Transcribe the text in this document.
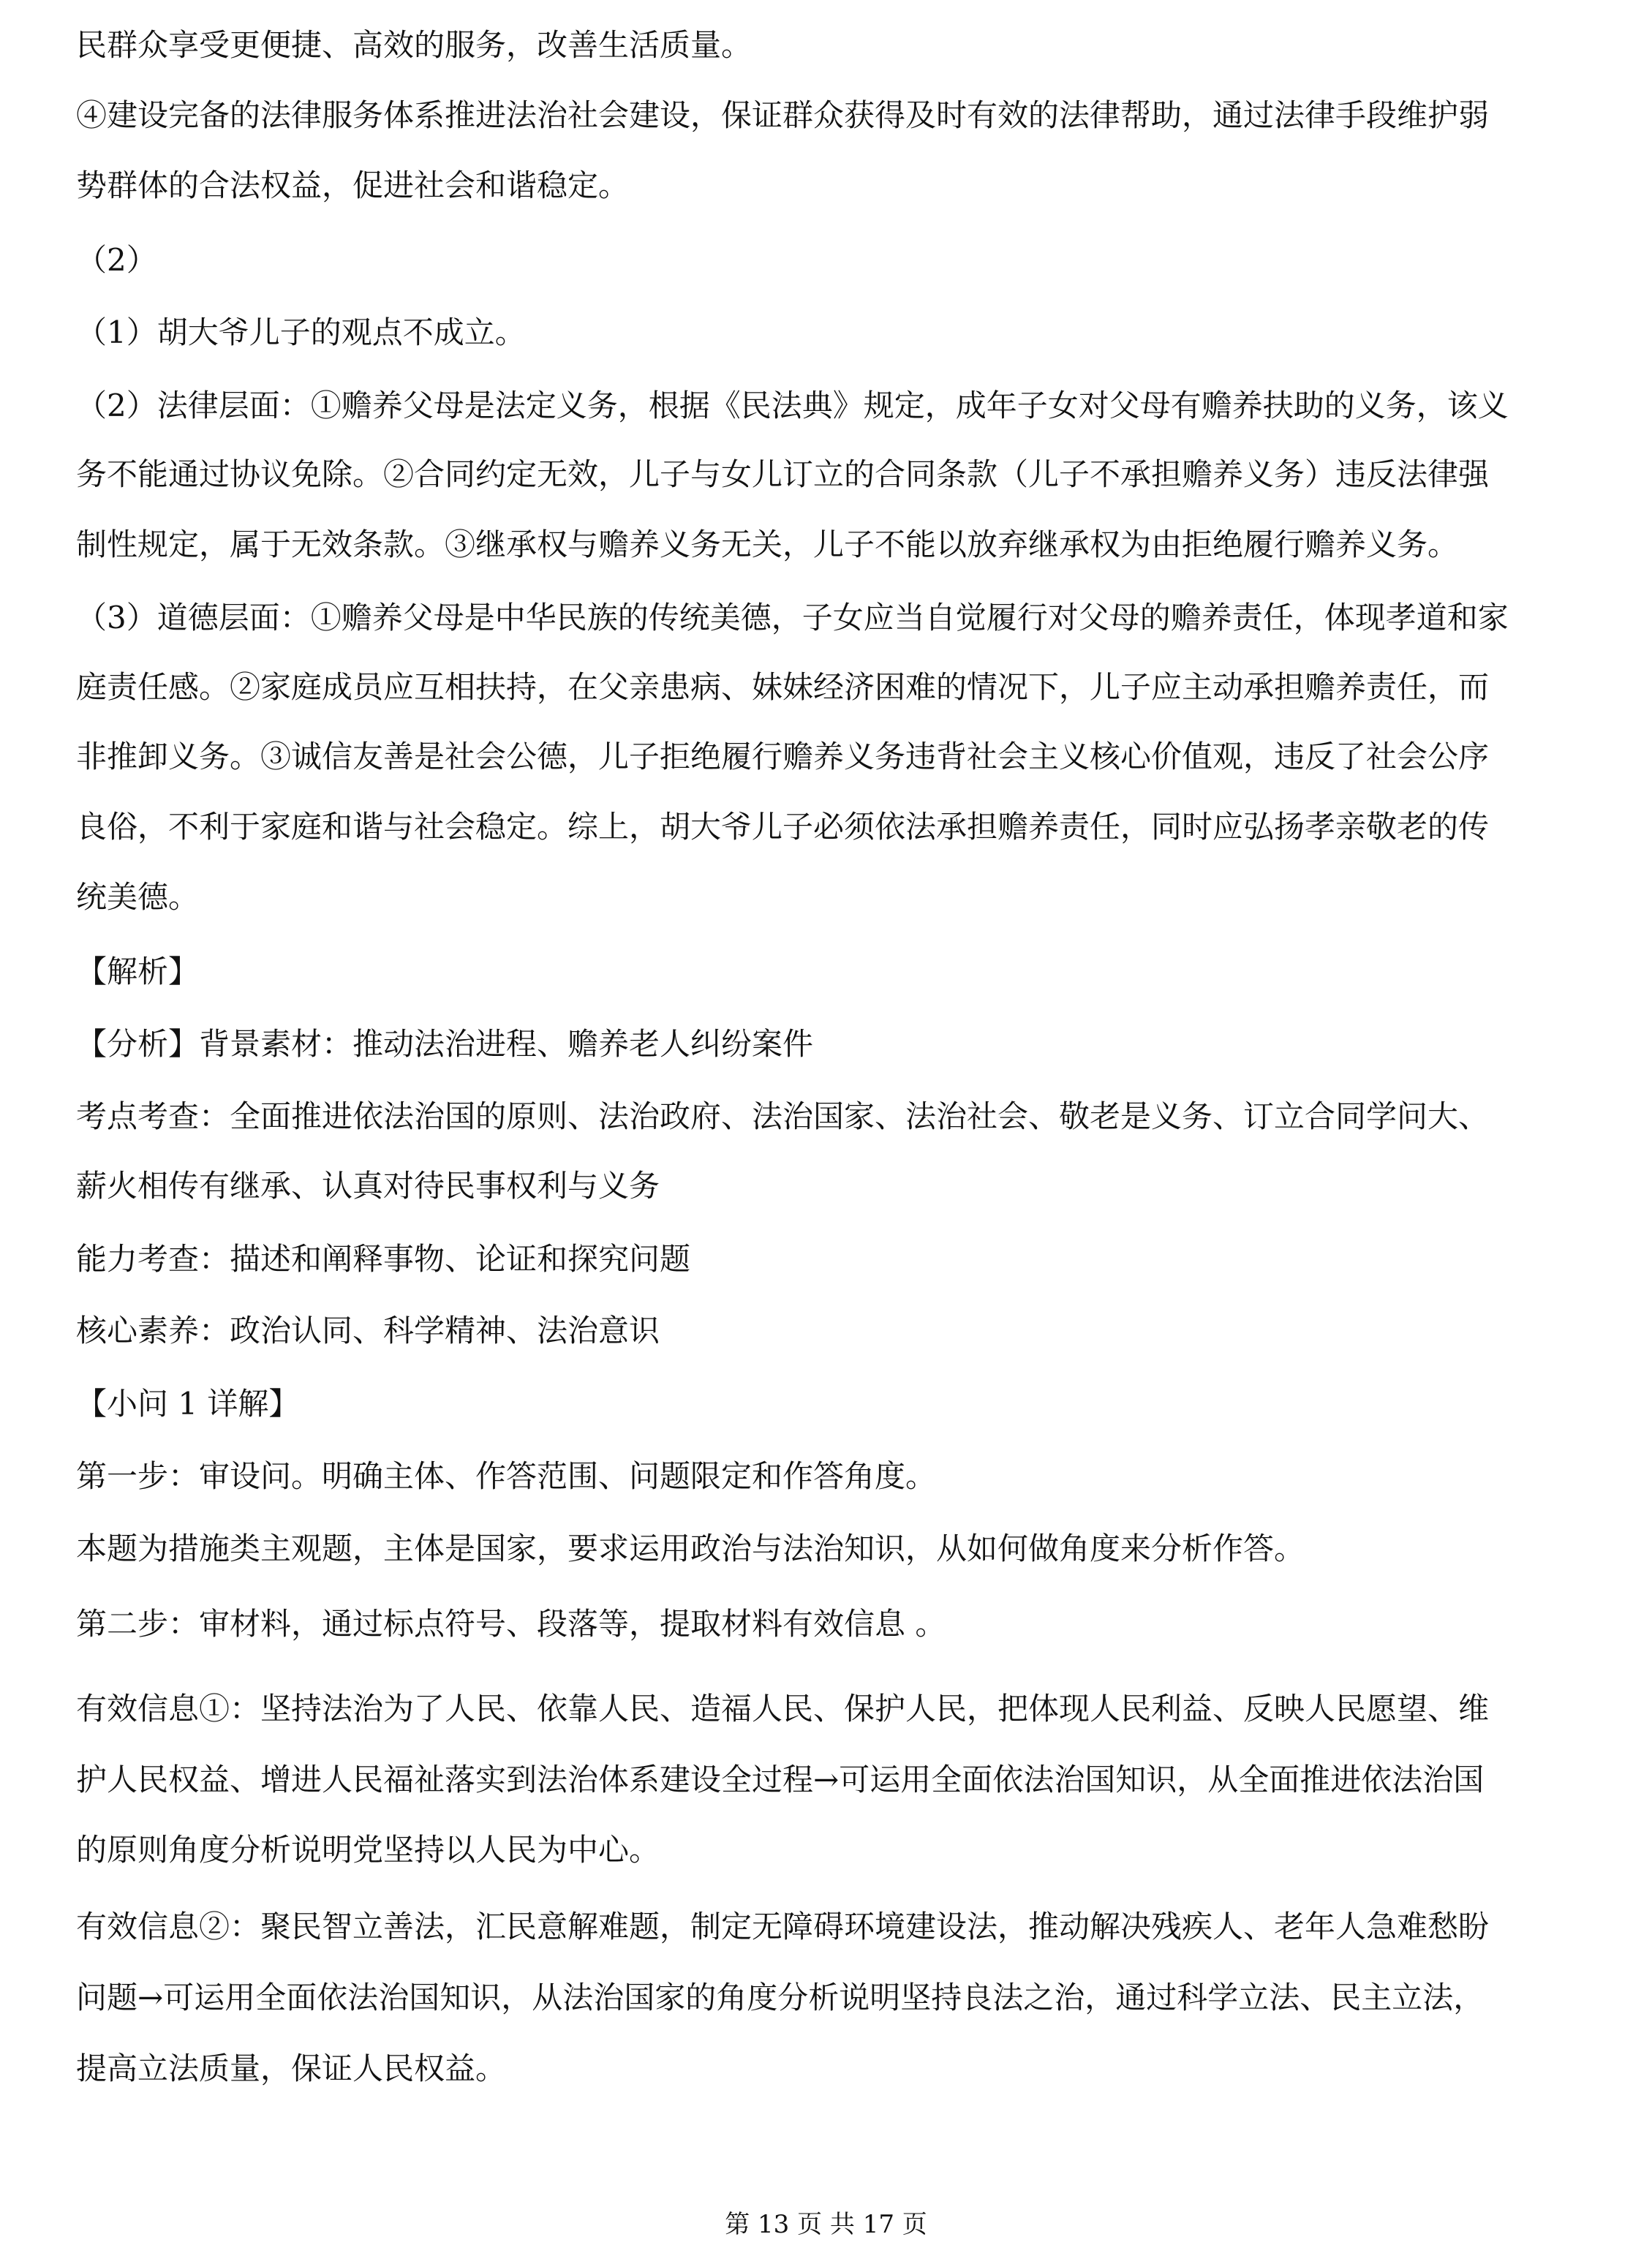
民群众享受更便捷、高效的服务，改善生活质量。

④建设完备的法律服务体系推进法治社会建设，保证群众获得及时有效的法律帮助，通过法律手段维护弱

势群体的合法权益，促进社会和谐稳定。

（2）

（1）胡大爷儿子的观点不成立。

（2）法律层面：①赡养父母是法定义务，根据《民法典》规定，成年子女对父母有赡养扶助的义务，该义

务不能通过协议免除。②合同约定无效，儿子与女儿订立的合同条款（儿子不承担赡养义务）违反法律强

制性规定，属于无效条款。③继承权与赡养义务无关，儿子不能以放弃继承权为由拒绝履行赡养义务。

（3）道德层面：①赡养父母是中华民族的传统美德，子女应当自觉履行对父母的赡养责任，体现孝道和家

庭责任感。②家庭成员应互相扶持，在父亲患病、妹妹经济困难的情况下，儿子应主动承担赡养责任，而

非推卸义务。③诚信友善是社会公德，儿子拒绝履行赡养义务违背社会主义核心价值观，违反了社会公序

良俗，不利于家庭和谐与社会稳定。综上，胡大爷儿子必须依法承担赡养责任，同时应弘扬孝亲敬老的传

统美德。

【解析】

【分析】背景素材：推动法治进程、赡养老人纠纷案件

考点考查：全面推进依法治国的原则、法治政府、法治国家、法治社会、敬老是义务、订立合同学问大、

薪火相传有继承、认真对待民事权利与义务

能力考查：描述和阐释事物、论证和探究问题

核心素养：政治认同、科学精神、法治意识

【小问 1 详解】

第一步：审设问。明确主体、作答范围、问题限定和作答角度。

本题为措施类主观题，主体是国家，要求运用政治与法治知识，从如何做角度来分析作答。

第二步：审材料，通过标点符号、段落等，提取材料有效信息 。

有效信息①：坚持法治为了人民、依靠人民、造福人民、保护人民，把体现人民利益、反映人民愿望、维

护人民权益、增进人民福祉落实到法治体系建设全过程→可运用全面依法治国知识，从全面推进依法治国

的原则角度分析说明党坚持以人民为中心。

有效信息②：聚民智立善法，汇民意解难题，制定无障碍环境建设法，推动解决残疾人、老年人急难愁盼

问题→可运用全面依法治国知识，从法治国家的角度分析说明坚持良法之治，通过科学立法、民主立法，

提高立法质量，保证人民权益。

第 13 页 共 17 页
